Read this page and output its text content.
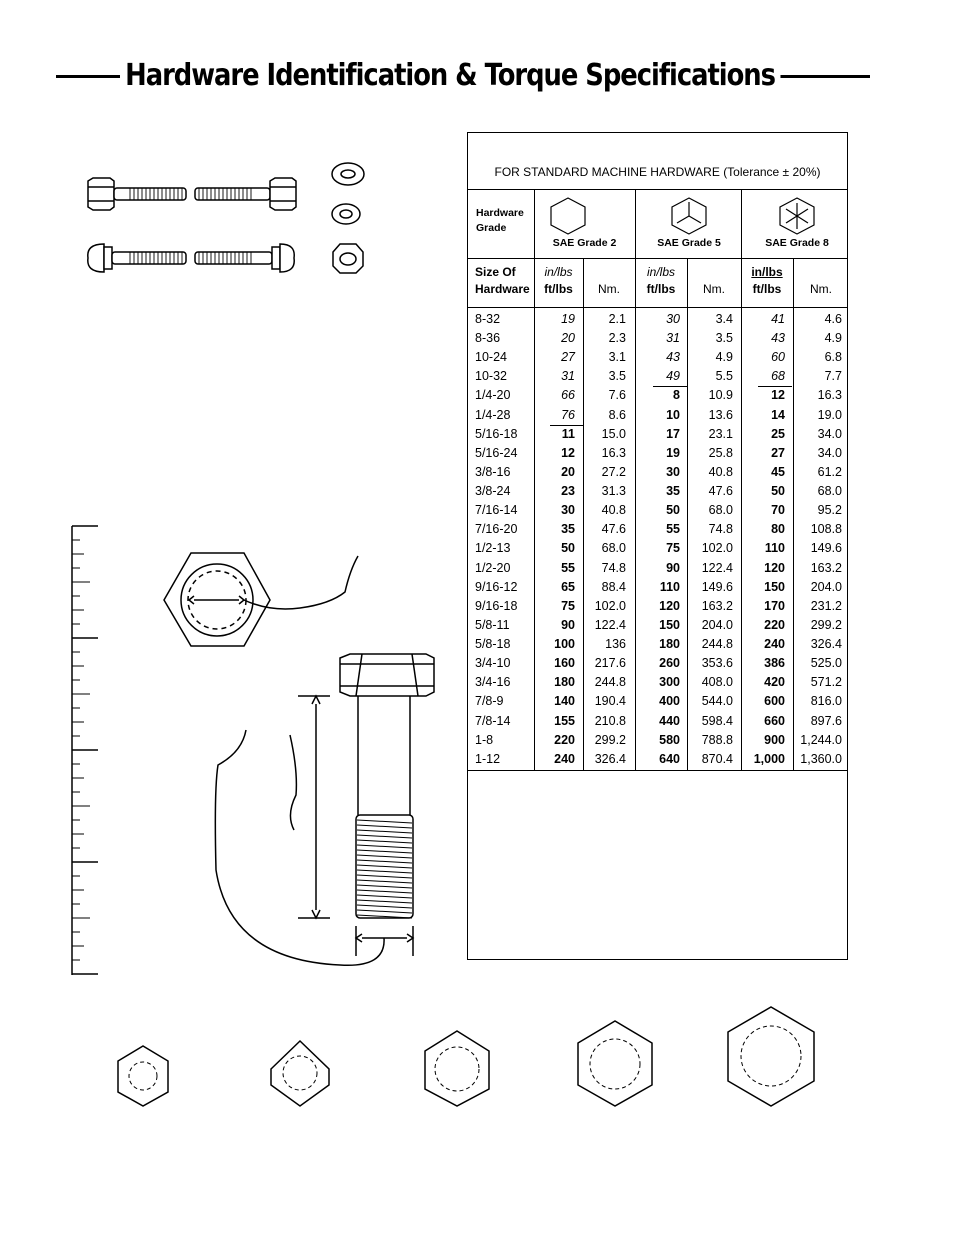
Hardware Identification & Torque Specifications
FOR STANDARD MACHINE HARDWARE (Tolerance ± 20%)
Hardware
Grade
SAE Grade 2	SAE Grade 5	SAE Grade 8
Size Of
Hardware
in/lbs
ft/lbs	Nm.
in/lbs
ft/lbs	Nm.
in/lbs
ft/lbs	Nm.
8-32	19	2.1	30	3.4	41	4.6
8-36	20	2.3	31	3.5	43	4.9
10-24	27	3.1	43	4.9	60	6.8
10-32	31	3.5	49	5.5	68	7.7
1/4-20	66	7.6	8	10.9	12	16.3
1/4-28	76	8.6	10	13.6	14	19.0
5/16-18	11	15.0	17	23.1	25	34.0
5/16-24	12	16.3	19	25.8	27	34.0
3/8-16	20	27.2	30	40.8	45	61.2
3/8-24	23	31.3	35	47.6	50	68.0
7/16-14	30	40.8	50	68.0	70	95.2
7/16-20	35	47.6	55	74.8	80	108.8
1/2-13	50	68.0	75	102.0	110	149.6
1/2-20	55	74.8	90	122.4	120	163.2
9/16-12	65	88.4	110	149.6	150	204.0
9/16-18	75	102.0	120	163.2	170	231.2
5/8-11	90	122.4	150	204.0	220	299.2
5/8-18	100	136	180	244.8	240	326.4
3/4-10	160	217.6	260	353.6	386	525.0
3/4-16	180	244.8	300	408.0	420	571.2
7/8-9	140	190.4	400	544.0	600	816.0
7/8-14	155	210.8	440	598.4	660	897.6
1-8	220	299.2	580	788.8	900	1,244.0
1-12	240	326.4	640	870.4	1,000	1,360.0
